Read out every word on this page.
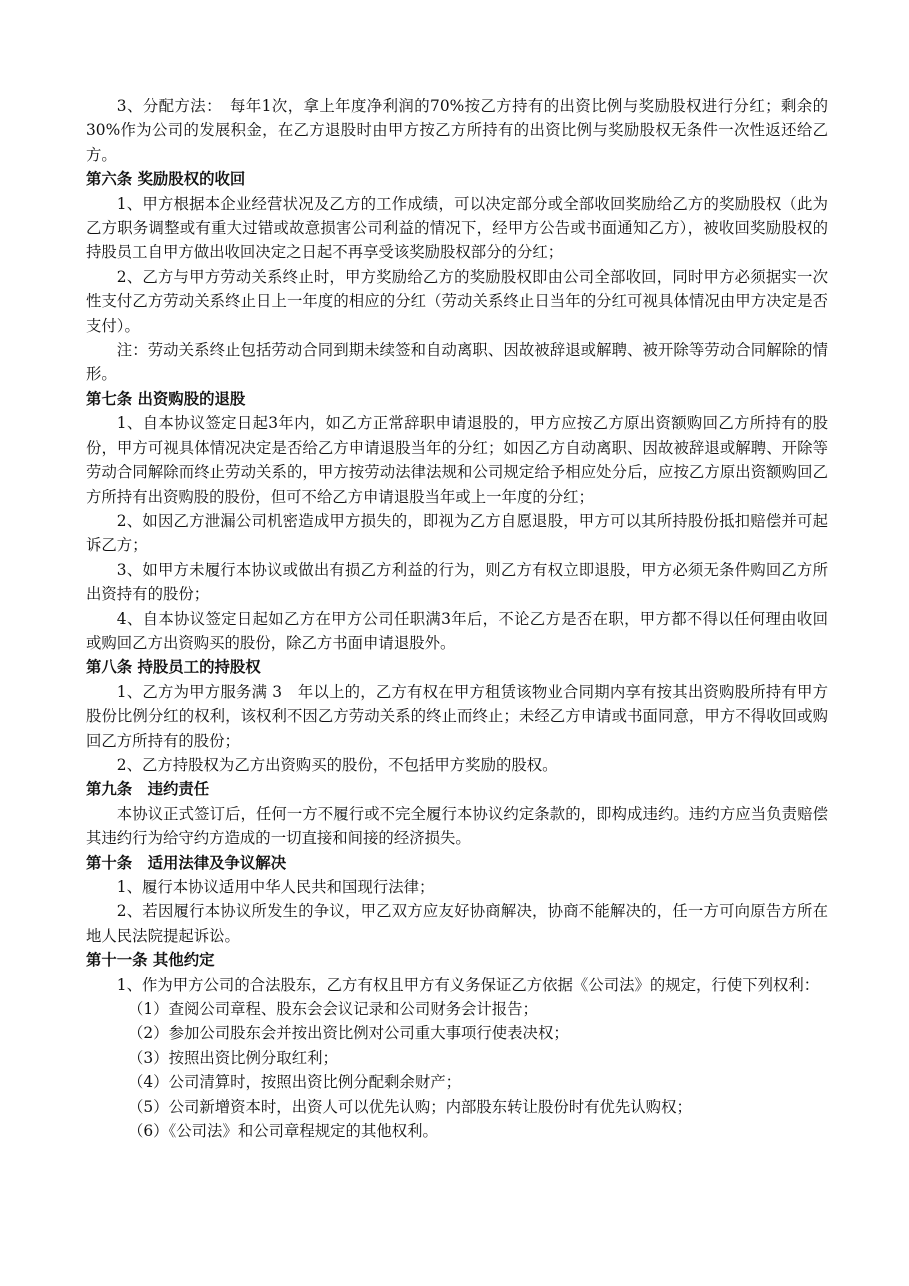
3、分配方法：　每年1次，拿上年度净利润的70%按乙方持有的出资比例与奖励股权进行分红；剩余的30%作为公司的发展积金，在乙方退股时由甲方按乙方所持有的出资比例与奖励股权无条件一次性返还给乙方。

第六条 奖励股权的收回

1、甲方根据本企业经营状况及乙方的工作成绩，可以决定部分或全部收回奖励给乙方的奖励股权（此为乙方职务调整或有重大过错或故意损害公司利益的情况下，经甲方公告或书面通知乙方），被收回奖励股权的持股员工自甲方做出收回决定之日起不再享受该奖励股权部分的分红；

2、乙方与甲方劳动关系终止时，甲方奖励给乙方的奖励股权即由公司全部收回，同时甲方必须据实一次性支付乙方劳动关系终止日上一年度的相应的分红（劳动关系终止日当年的分红可视具体情况由甲方决定是否支付）。

注：劳动关系终止包括劳动合同到期未续签和自动离职、因故被辞退或解聘、被开除等劳动合同解除的情形。

第七条 出资购股的退股

1、自本协议签定日起3年内，如乙方正常辞职申请退股的，甲方应按乙方原出资额购回乙方所持有的股份，甲方可视具体情况决定是否给乙方申请退股当年的分红；如因乙方自动离职、因故被辞退或解聘、开除等劳动合同解除而终止劳动关系的，甲方按劳动法律法规和公司规定给予相应处分后，应按乙方原出资额购回乙方所持有出资购股的股份，但可不给乙方申请退股当年或上一年度的分红；

2、如因乙方泄漏公司机密造成甲方损失的，即视为乙方自愿退股，甲方可以其所持股份抵扣赔偿并可起诉乙方；

3、如甲方未履行本协议或做出有损乙方利益的行为，则乙方有权立即退股，甲方必须无条件购回乙方所出资持有的股份；

4、自本协议签定日起如乙方在甲方公司任职满3年后，不论乙方是否在职，甲方都不得以任何理由收回或购回乙方出资购买的股份，除乙方书面申请退股外。

第八条 持股员工的持股权

1、乙方为甲方服务满 3　年以上的，乙方有权在甲方租赁该物业合同期内享有按其出资购股所持有甲方股份比例分红的权利，该权利不因乙方劳动关系的终止而终止；未经乙方申请或书面同意，甲方不得收回或购回乙方所持有的股份；

2、乙方持股权为乙方出资购买的股份，不包括甲方奖励的股权。

第九条　违约责任

本协议正式签订后，任何一方不履行或不完全履行本协议约定条款的，即构成违约。违约方应当负责赔偿其违约行为给守约方造成的一切直接和间接的经济损失。

第十条　适用法律及争议解决

1、履行本协议适用中华人民共和国现行法律；

2、若因履行本协议所发生的争议，甲乙双方应友好协商解决，协商不能解决的，任一方可向原告方所在地人民法院提起诉讼。

第十一条 其他约定

1、作为甲方公司的合法股东，乙方有权且甲方有义务保证乙方依据《公司法》的规定，行使下列权利：

（1）查阅公司章程、股东会会议记录和公司财务会计报告；

（2）参加公司股东会并按出资比例对公司重大事项行使表决权；

（3）按照出资比例分取红利；

（4）公司清算时，按照出资比例分配剩余财产；

（5）公司新增资本时，出资人可以优先认购；内部股东转让股份时有优先认购权；

（6）《公司法》和公司章程规定的其他权利。
